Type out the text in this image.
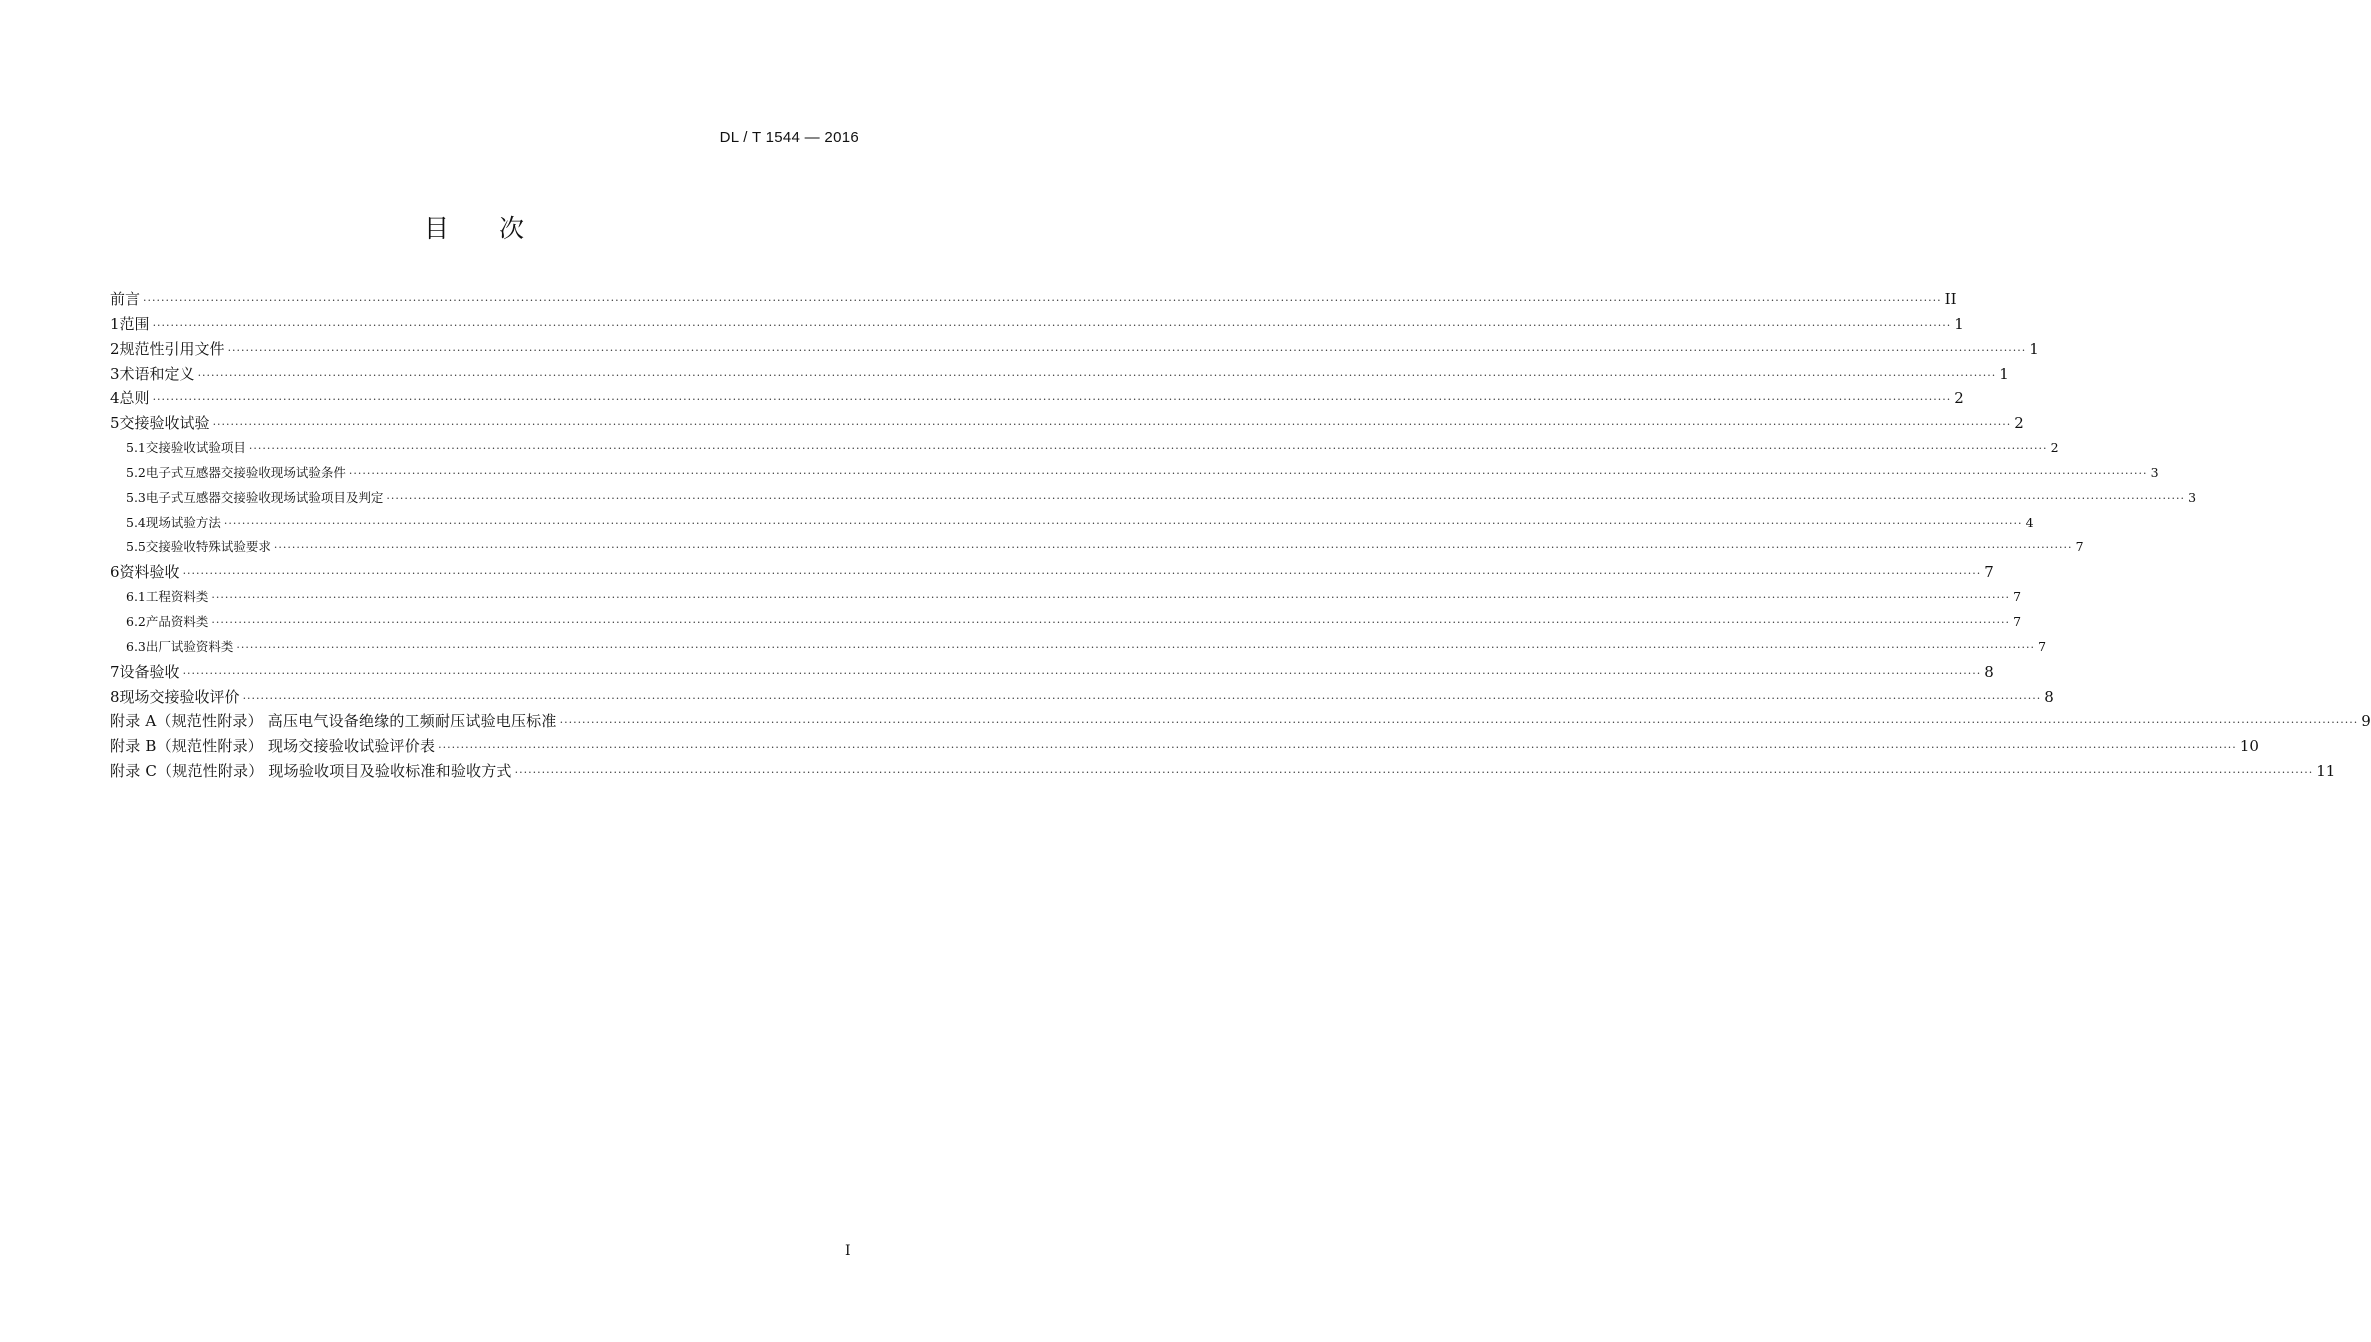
DL / T 1544 — 2016
目 次
前言 ················································································································································································································································································································································································································ II
1 范围 ················································································································································································································································································································································································································ 1
2 规范性引用文件 ················································································································································································································································································································································································································ 1
3 术语和定义 ················································································································································································································································································································································································································ 1
4 总则 ················································································································································································································································································································································································································ 2
5 交接验收试验 ················································································································································································································································································································································································································ 2
5.1 交接验收试验项目 ················································································································································································································································································································································································································ 2
5.2 电子式互感器交接验收现场试验条件 ················································································································································································································································································································································································································ 3
5.3 电子式互感器交接验收现场试验项目及判定 ················································································································································································································································································································································································································ 3
5.4 现场试验方法 ················································································································································································································································································································································································································ 4
5.5 交接验收特殊试验要求 ················································································································································································································································································································································································································ 7
6 资料验收 ················································································································································································································································································································································································································ 7
6.1 工程资料类 ················································································································································································································································································································································································································ 7
6.2 产品资料类 ················································································································································································································································································································································································································ 7
6.3 出厂试验资料类 ················································································································································································································································································································································································································ 7
7 设备验收 ················································································································································································································································································································································································································ 8
8 现场交接验收评价 ················································································································································································································································································································································································································ 8
附录 A（规范性附录） 高压电气设备绝缘的工频耐压试验电压标准 ················································································································································································································································································································································································································ 9
附录 B（规范性附录） 现场交接验收试验评价表 ················································································································································································································································································································································································································ 10
附录 C（规范性附录） 现场验收项目及验收标准和验收方式 ················································································································································································································································································································································································································ 11
I
